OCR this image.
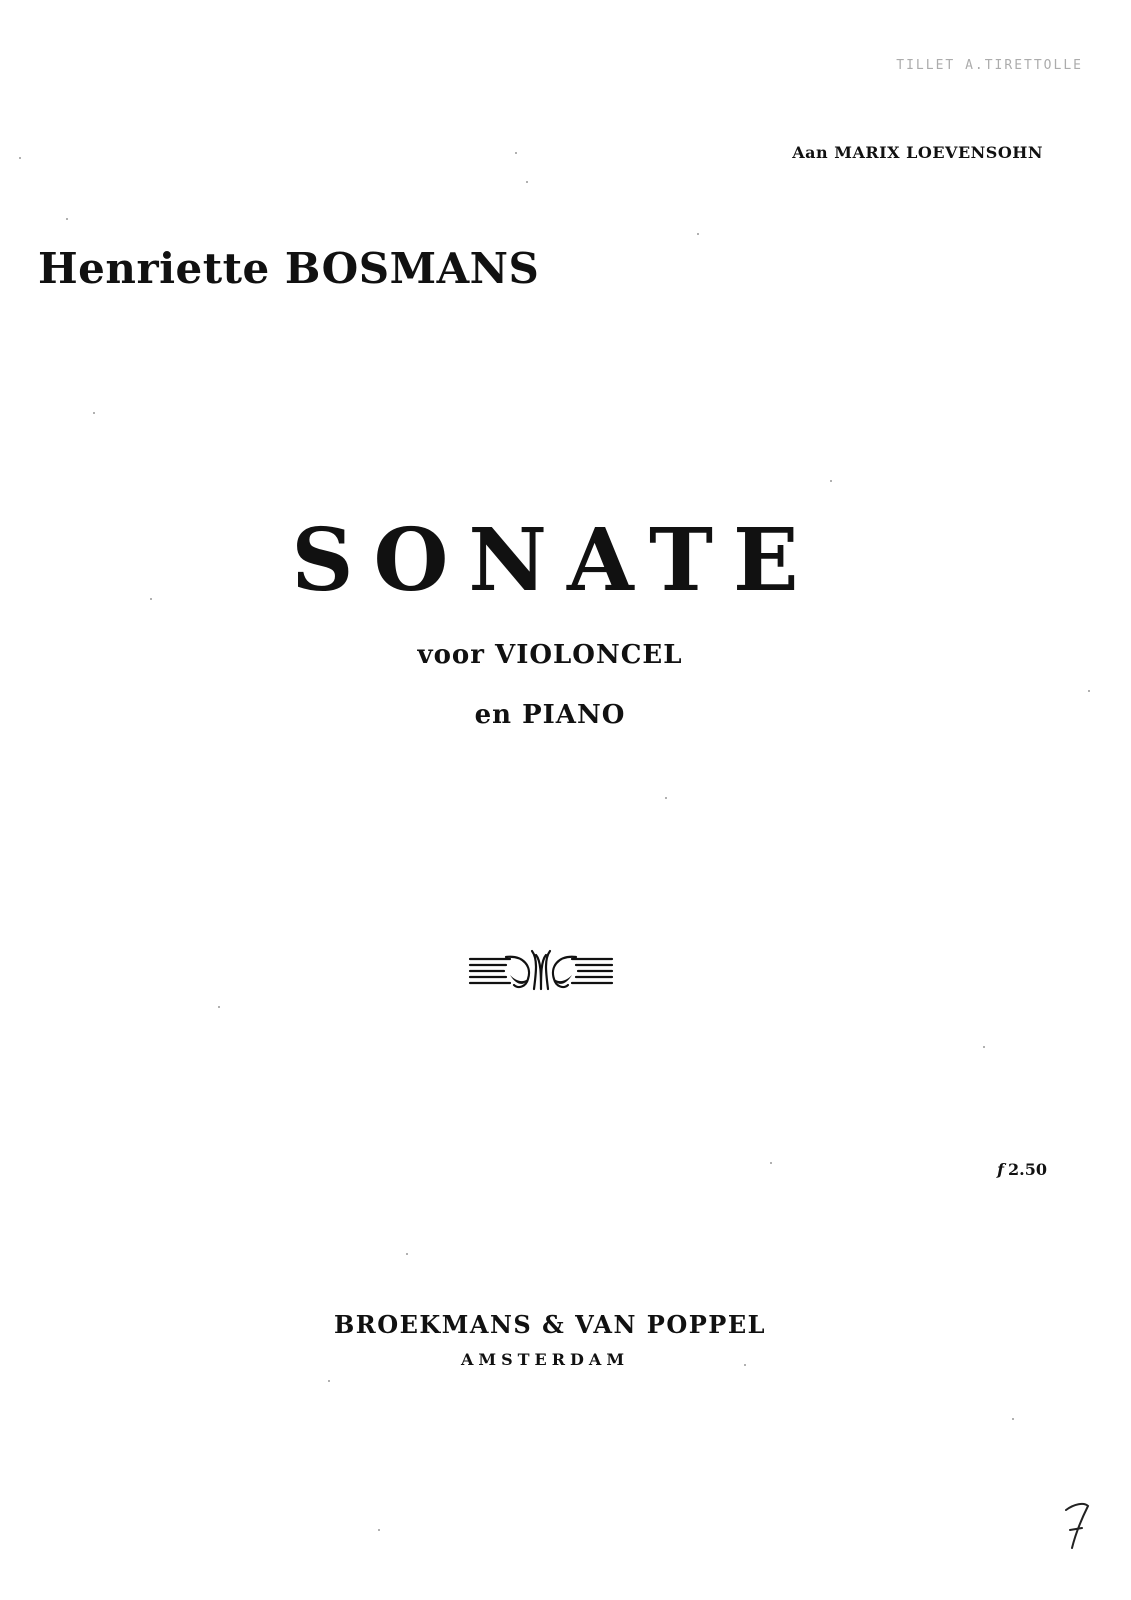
TILLET A.TIRETTOLLE
Aan MARIX LOEVENSOHN
Henriette BOSMANS
SONATE
voor VIOLONCEL
en PIANO
f 2.50
BROEKMANS & VAN POPPEL
AMSTERDAM
